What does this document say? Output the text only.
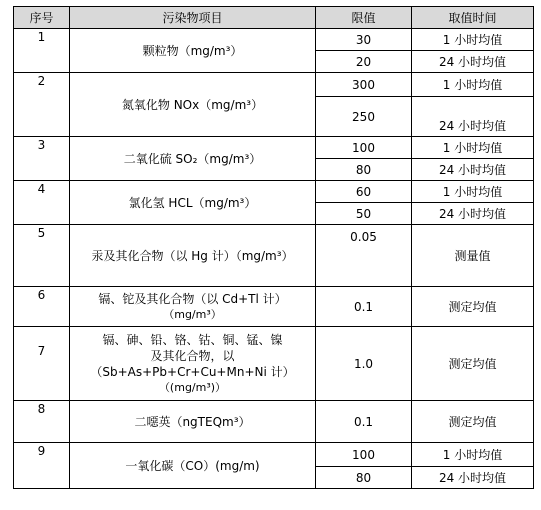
序号	污染物项目	限值	取值时间
1	颗粒物（mg/m³）	30	1 小时均值
		20	24 小时均值
2	氮氧化物 NOx（mg/m³）	300	1 小时均值
		250	24 小时均值
3	二氧化硫 SO₂（mg/m³）	100	1 小时均值
		80	24 小时均值
4	氯化氢 HCL（mg/m³）	60	1 小时均值
		50	24 小时均值
5	汞及其化合物（以 Hg 计）（mg/m³）	0.05	测量值
6	镉、铊及其化合物（以 Cd+Tl 计）
（mg/m³）	0.1	测定均值
7	镉、砷、铅、铬、钴、铜、锰、镍
及其化合物，以
（Sb+As+Pb+Cr+Cu+Mn+Ni 计）
（(mg/m³)）	1.0	测定均值
8	二噁英（ngTEQm³）	0.1	测定均值
9	一氧化碳（CO）(mg/m)	100	1 小时均值
		80	24 小时均值
